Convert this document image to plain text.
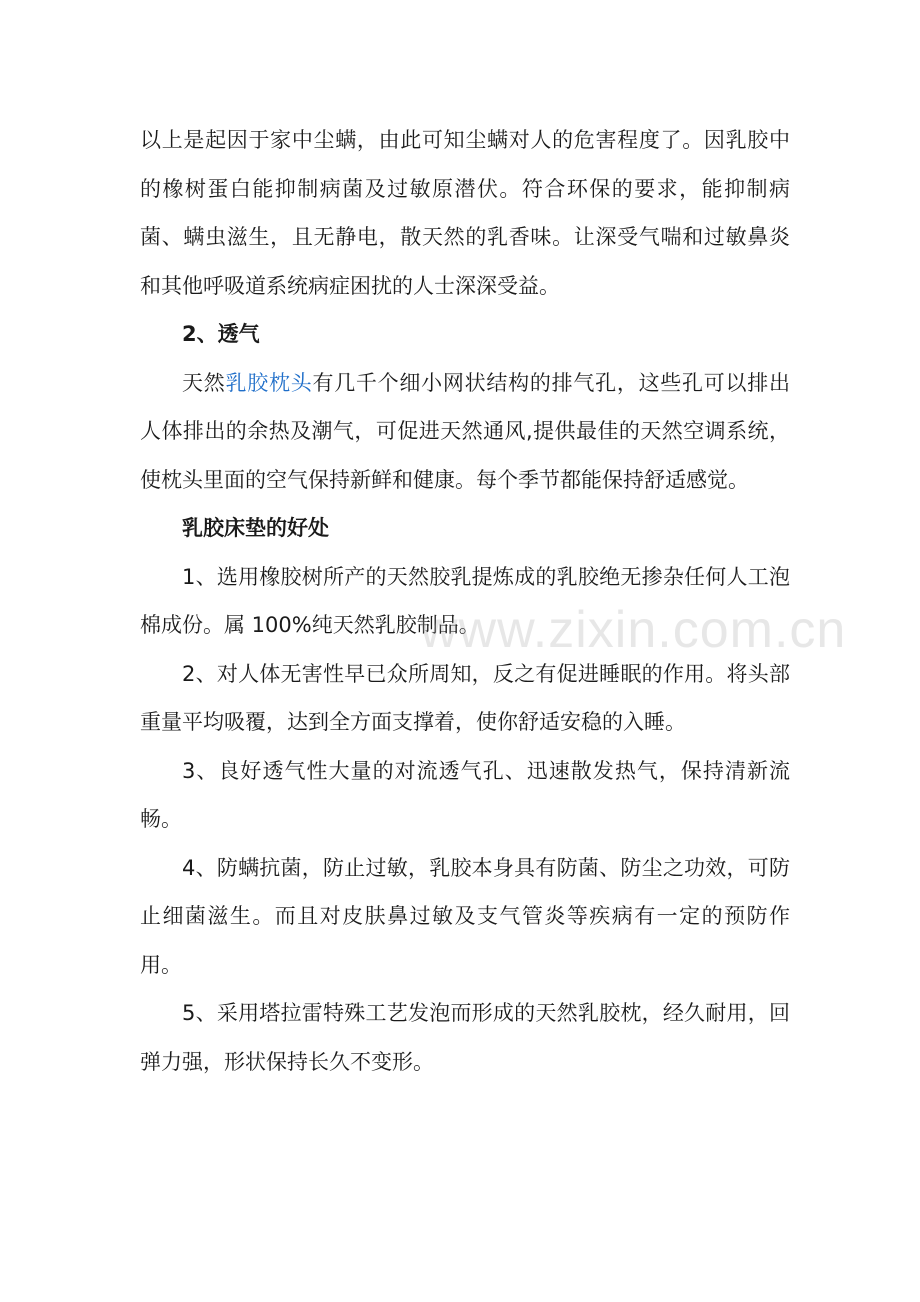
以上是起因于家中尘螨，由此可知尘螨对人的危害程度了。因乳胶中的橡树蛋白能抑制病菌及过敏原潜伏。符合环保的要求，能抑制病菌、螨虫滋生，且无静电，散天然的乳香味。让深受气喘和过敏鼻炎和其他呼吸道系统病症困扰的人士深深受益。

2、透气

天然乳胶枕头有几千个细小网状结构的排气孔，这些孔可以排出人体排出的余热及潮气，可促进天然通风,提供最佳的天然空调系统，使枕头里面的空气保持新鲜和健康。每个季节都能保持舒适感觉。

乳胶床垫的好处

1、选用橡胶树所产的天然胶乳提炼成的乳胶绝无掺杂任何人工泡棉成份。属 100%纯天然乳胶制品。

2、对人体无害性早已众所周知，反之有促进睡眠的作用。将头部重量平均吸覆，达到全方面支撑着，使你舒适安稳的入睡。

3、良好透气性大量的对流透气孔、迅速散发热气，保持清新流畅。

4、防螨抗菌，防止过敏，乳胶本身具有防菌、防尘之功效，可防止细菌滋生。而且对皮肤鼻过敏及支气管炎等疾病有一定的预防作用。

5、采用塔拉雷特殊工艺发泡而形成的天然乳胶枕，经久耐用，回弹力强，形状保持长久不变形。

www.zixin.com.cn
